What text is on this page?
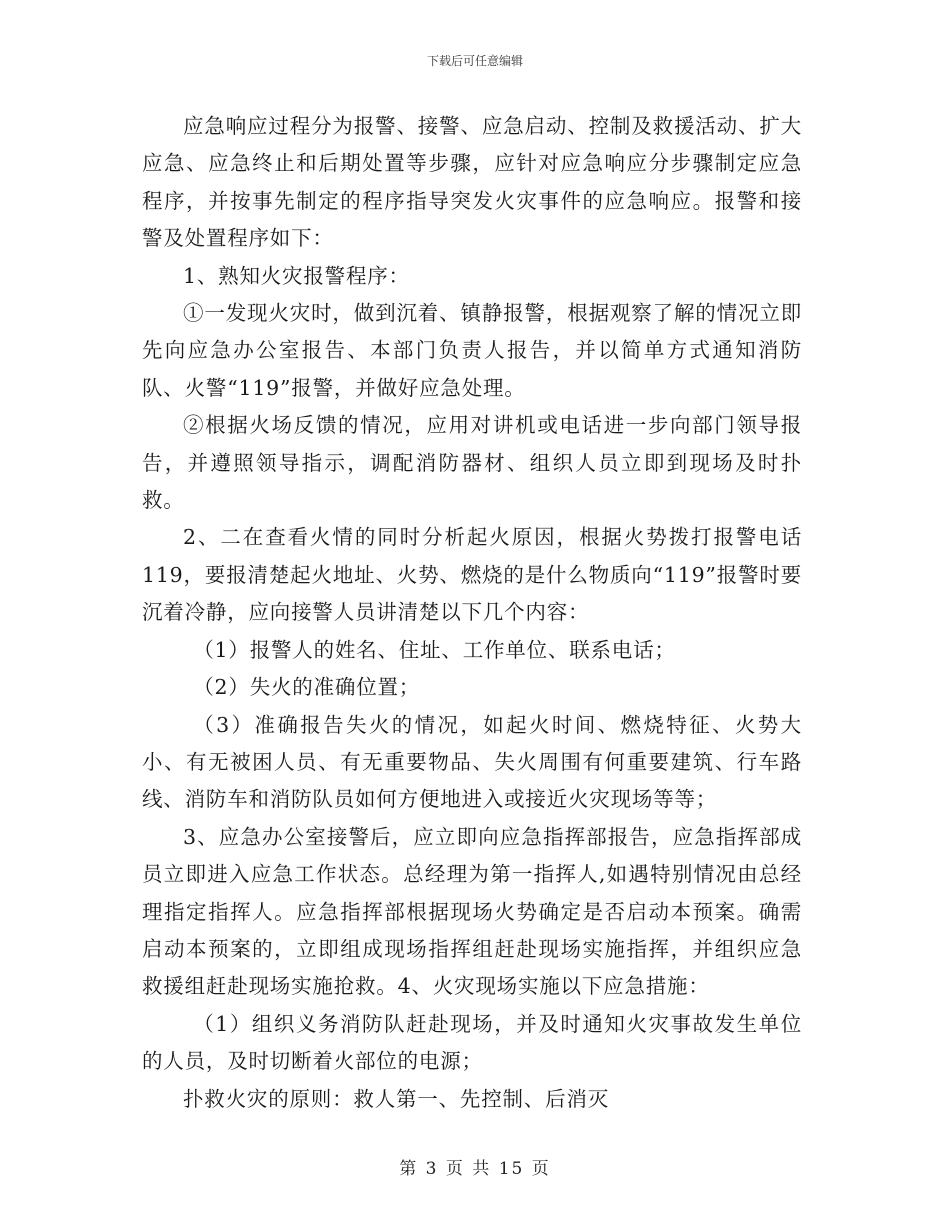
下载后可任意编辑

应急响应过程分为报警、接警、应急启动、控制及救援活动、扩大应急、应急终止和后期处置等步骤，应针对应急响应分步骤制定应急程序，并按事先制定的程序指导突发火灾事件的应急响应。报警和接警及处置程序如下：

1、熟知火灾报警程序：

①一发现火灾时，做到沉着、镇静报警，根据观察了解的情况立即先向应急办公室报告、本部门负责人报告，并以简单方式通知消防队、火警“119”报警，并做好应急处理。

②根据火场反馈的情况，应用对讲机或电话进一步向部门领导报告，并遵照领导指示，调配消防器材、组织人员立即到现场及时扑救。

2、二在查看火情的同时分析起火原因，根据火势拨打报警电话119，要报清楚起火地址、火势、燃烧的是什么物质向“119”报警时要沉着冷静，应向接警人员讲清楚以下几个内容：

（1）报警人的姓名、住址、工作单位、联系电话；

（2）失火的准确位置；

（3）准确报告失火的情况，如起火时间、燃烧特征、火势大小、有无被困人员、有无重要物品、失火周围有何重要建筑、行车路线、消防车和消防队员如何方便地进入或接近火灾现场等等；

3、应急办公室接警后，应立即向应急指挥部报告，应急指挥部成员立即进入应急工作状态。总经理为第一指挥人,如遇特别情况由总经理指定指挥人。应急指挥部根据现场火势确定是否启动本预案。确需启动本预案的，立即组成现场指挥组赶赴现场实施指挥，并组织应急救援组赶赴现场实施抢救。4、火灾现场实施以下应急措施：

（1）组织义务消防队赶赴现场，并及时通知火灾事故发生单位的人员，及时切断着火部位的电源；

扑救火灾的原则：救人第一、先控制、后消灭

第 3 页 共 15 页
